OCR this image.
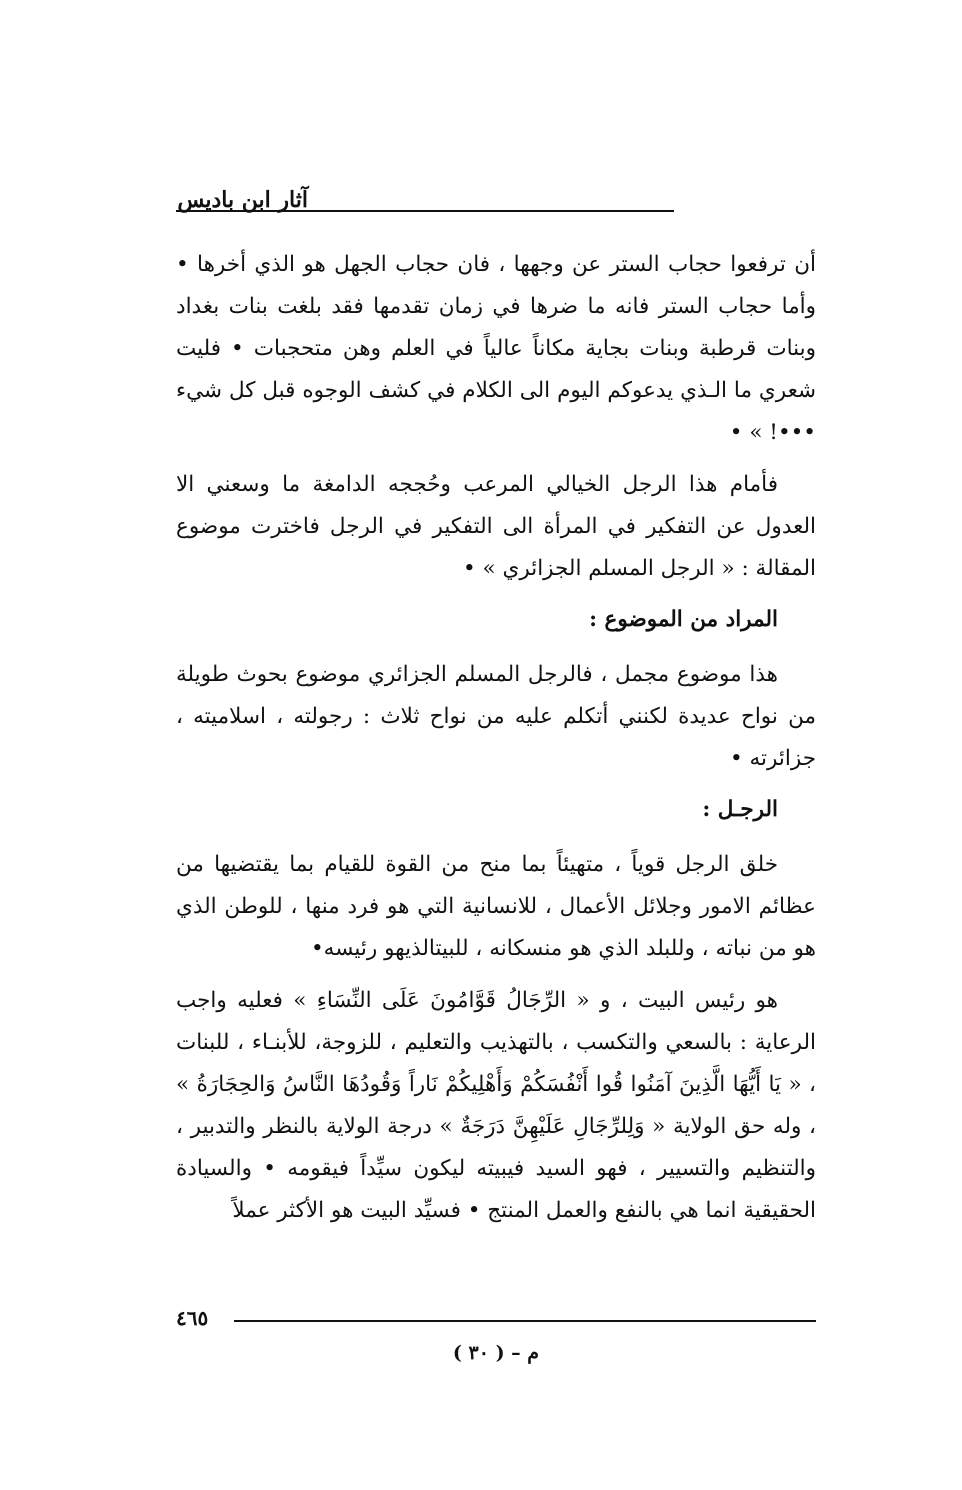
آثار ابن باديس

أن ترفعوا حجاب الستر عن وجهها ، فان حجاب الجهل هو الذي أخرها • وأما حجاب الستر فانه ما ضرها في زمان تقدمها فقد بلغت بنات بغداد وبنات قرطبة وبنات بجاية مكاناً عالياً في العلم وهن متحجبات • فليت شعري ما الـذي يدعوكم اليوم الى الكلام في كشف الوجوه قبل كل شيء •••! » •

فأمام هذا الرجل الخيالي المرعب وحُججه الدامغة ما وسعني الا العدول عن التفكير في المرأة الى التفكير في الرجل فاخترت موضوع المقالة : « الرجل المسلم الجزائري » •

المراد من الموضوع :

هذا موضوع مجمل ، فالرجل المسلم الجزائري موضوع بحوث طويلة من نواح عديدة لكنني أتكلم عليه من نواح ثلاث : رجولته ، اسلاميته ، جزائرته •

الرجـل :

خلق الرجل قوياً ، متهيئاً بما منح من القوة للقيام بما يقتضيها من عظائم الامور وجلائل الأعمال ، للانسانية التي هو فرد منها ، للوطن الذي هو من نباته ، وللبلد الذي هو منسكانه ، للبيتالذيهو رئيسه•

هو رئيس البيت ، و « الرِّجَالُ قَوَّامُونَ عَلَى النِّسَاءِ » فعليه واجب الرعاية : بالسعي والتكسب ، بالتهذيب والتعليم ، للزوجة، للأبنـاء ، للبنات ، « يَا أَيُّهَا الَّذِينَ آمَنُوا قُوا أَنْفُسَكُمْ وَأَهْلِيكُمْ نَاراً وَقُودُهَا النَّاسُ وَالحِجَارَةُ » ، وله حق الولاية « وَلِلرِّجَالِ عَلَيْهِنَّ دَرَجَةٌ » درجة الولاية بالنظر والتدبير ، والتنظيم والتسيير ، فهو السيد فيبيته ليكون سيِّداً فيقومه • والسيادة الحقيقية انما هي بالنفع والعمل المنتج • فسيِّد البيت هو الأكثر عملاً

٤٦٥
م – ( ٣٠ )
